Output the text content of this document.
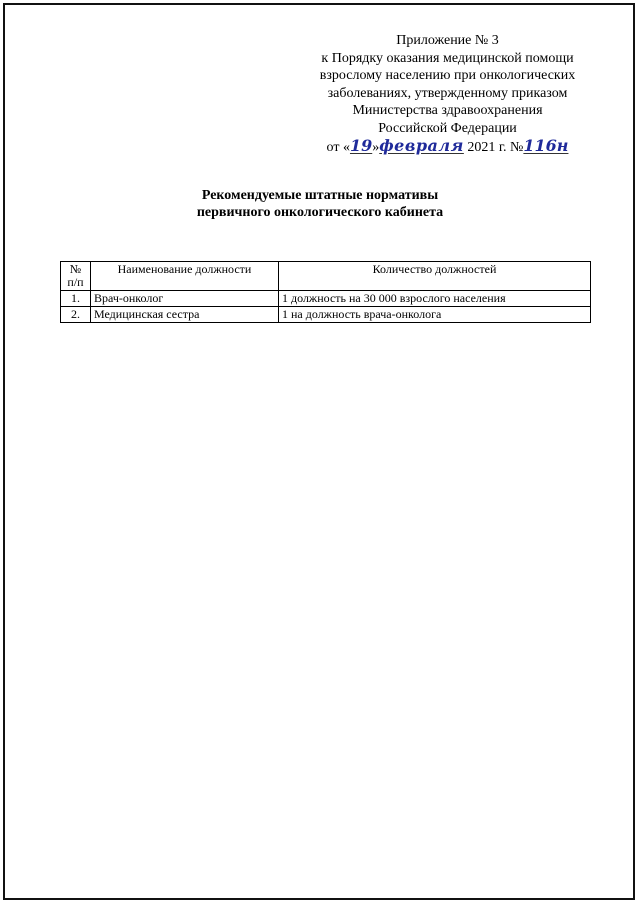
Приложение № 3
к Порядку оказания медицинской помощи
взрослому населению при онкологических
заболеваниях, утвержденному приказом
Министерства здравоохранения
Российской Федерации
от «19»февраля 2021 г. №116н
Рекомендуемые штатные нормативы
первичного онкологического кабинета
№
п/п	Наименование должности	Количество должностей
1.	Врач-онколог	1 должность на 30 000 взрослого населения
2.	Медицинская сестра	1 на должность врача-онколога
